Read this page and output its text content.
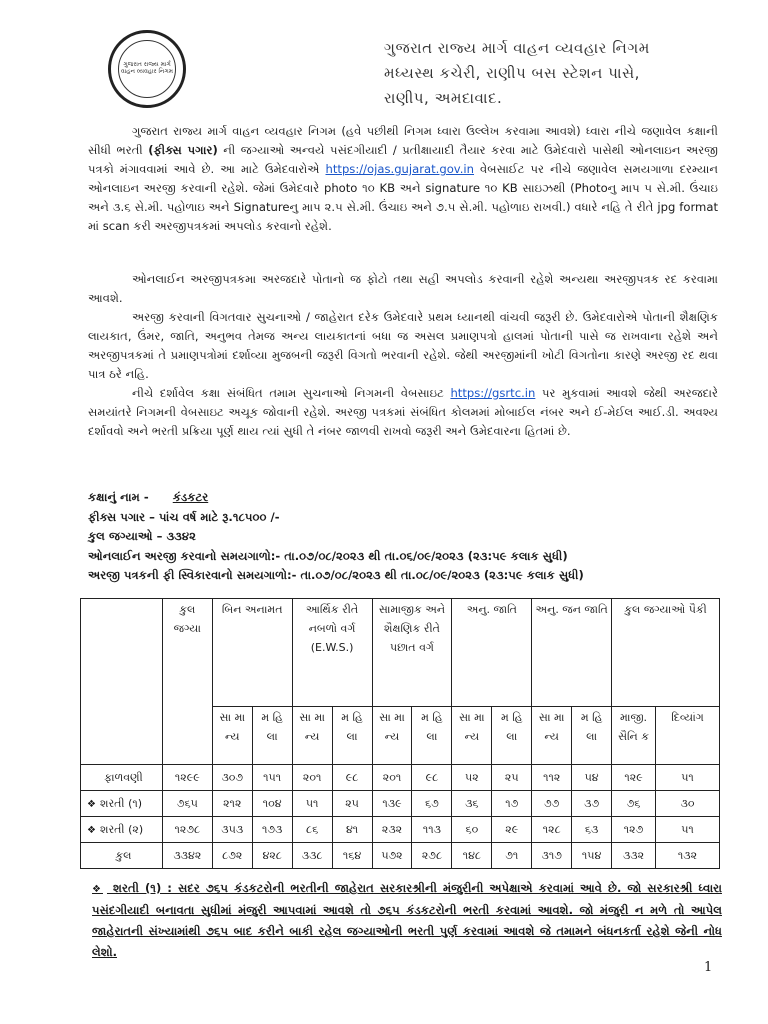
ગુજરાત રાજ્ય માર્ગ વાહન વ્યવહાર નિગમ
ગુજરાત રાજ્ય માર્ગ વાહન વ્યવહાર નિગમ
મધ્યસ્થ કચેરી, રાણીપ બસ સ્ટેશન પાસે,
રાણીપ, અમદાવાદ.
ગુજરાત રાજ્ય માર્ગ વાહન વ્યવહાર નિગમ (હવે પછીથી નિગમ ધ્વારા ઉલ્લેખ કરવામા આવશે) ધ્વારા નીચે જણાવેલ કક્ષાની સીધી ભરતી (ફીક્સ પગાર) ની જગ્યાઓ અન્વયે પસંદગીયાદી / પ્રતીક્ષાયાદી તૈયાર કરવા માટે ઉમેદવારો પાસેથી ઓનલાઇન અરજી પત્રકો મંગાવવામાં આવે છે. આ માટે ઉમેદવારોએ https://ojas.gujarat.gov.in વેબસાઈટ પર નીચે જણાવેલ સમયગાળા દરમ્યાન ઓનલાઇન અરજી કરવાની રહેશે. જેમાં ઉમેદવારે photo ૧૦ KB અને signature ૧૦ KB સાઇઝથી (Photoનુ માપ ૫ સે.મી. ઉંચાઇ અને ૩.૬ સે.મી. પહોળાઇ અને Signatureનુ માપ ૨.૫ સે.મી. ઉંચાઇ અને ૭.૫ સે.મી. પહોળાઇ રાખવી.) વધારે નહિ તે રીતે jpg format માં scan કરી અરજીપત્રકમાં અપલોડ કરવાનો રહેશે.
ઓનલાઈન અરજીપત્રકમા અરજદારે પોતાનો જ ફોટો તથા સહી અપલોડ કરવાની રહેશે અન્યથા અરજીપત્રક રદ કરવામા આવશે.
અરજી કરવાની વિગતવાર સુચનાઓ / જાહેરાત દરેક ઉમેદવારે પ્રથમ ધ્યાનથી વાંચવી જરૂરી છે. ઉમેદવારોએ પોતાની શૈક્ષણિક લાયકાત, ઉંમર, જાતિ, અનુભવ તેમજ અન્ય લાયકાતનાં બધા જ અસલ પ્રમાણપત્રો હાલમાં પોતાની પાસે જ રાખવાના રહેશે અને અરજીપત્રકમાં તે પ્રમાણપત્રોમાં દર્શાવ્યા મુજબની જરૂરી વિગતો ભરવાની રહેશે. જેથી અરજીમાંની ખોટી વિગતોના કારણે અરજી રદ થવા પાત્ર ઠરે નહિ.
નીચે દર્શાવેલ કક્ષા સંબંધિત તમામ સુચનાઓ નિગમની વેબસાઇટ https://gsrtc.in પર મુકવામાં આવશે જેથી અરજદારે સમયાંતરે નિગમની વેબસાઇટ અચૂક જોવાની રહેશે. અરજી પત્રકમાં સંબંધિત કોલમમાં મોબાઈલ નંબર અને ઈ-મેઈલ આઈ.ડી. અવશ્ય દર્શાવવો અને ભરતી પ્રક્રિયા પૂર્ણ થાય ત્યાં સુધી તે નંબર જાળવી રાખવો જરૂરી અને ઉમેદવારના હિતમાં છે.
કક્ષાનું નામ - કંડકટર
ફીક્સ પગાર – પાંચ વર્ષ માટે રૂ.૧૮૫૦૦ /-
કુલ જગ્યાઓ – ૩૩૪૨
ઓનલાઈન અરજી કરવાનો સમયગાળો:- તા.૦૭/૦૮/૨૦૨૩ થી તા.૦૬/૦૯/૨૦૨૩ (૨૩:૫૯ કલાક સુધી)
અરજી પત્રકની ફી સ્વિકારવાનો સમયગાળો:- તા.૦૭/૦૮/૨૦૨૩ થી તા.૦૮/૦૯/૨૦૨૩ (૨૩:૫૯ કલાક સુધી)
	કુલ જગ્યા	બિન અનામત		આર્થિક રીતે નબળો વર્ગ (E.W.S.)		સામાજીક અને શૈક્ષણિક રીતે પછાત વર્ગ		અનુ. જાતિ		અનુ. જન જાતિ		કુલ જગ્યાઓ પૈકી	
		સા મા ન્ય	મ હિ લા	સા મા ન્ય	મ હિ લા	સા મા ન્ય	મ હિ લા	સા મા ન્ય	મ હિ લા	સા મા ન્ય	મ હિ લા	માજી. સૈનિ ક	દિવ્યાંગ
ફાળવણી	૧૨૯૯	૩૦૭	૧૫૧	૨૦૧	૯૮	૨૦૧	૯૮	૫૨	૨૫	૧૧૨	૫૪	૧૨૯	૫૧
❖ શરતી (૧)	૭૬૫	૨૧૨	૧૦૪	૫૧	૨૫	૧૩૯	૬૭	૩૬	૧૭	૭૭	૩૭	૭૬	૩૦
❖ શરતી (૨)	૧૨૭૮	૩૫૩	૧૭૩	૮૬	૪૧	૨૩૨	૧૧૩	૬૦	૨૯	૧૨૮	૬૩	૧૨૭	૫૧
કુલ	૩૩૪૨	૮૭૨	૪૨૮	૩૩૮	૧૬૪	૫૭૨	૨૭૮	૧૪૮	૭૧	૩૧૭	૧૫૪	૩૩૨	૧૩૨
❖ શરતી (૧) : સદર ૭૬૫ કંડકટરોની ભરતીની જાહેરાત સરકારશ્રીની મંજુરીની અપેક્ષાએ કરવામાં આવે છે. જો સરકારશ્રી ધ્વારા પસંદગીયાદી બનાવતા સુધીમાં મંજુરી આપવામાં આવશે તો ૭૬૫ કંડકટરોની ભરતી કરવામાં આવશે. જો મંજુરી ન મળે તો આપેલ જાહેરાતની સંખ્યામાંથી ૭૬૫ બાદ કરીને બાકી રહેલ જગ્યાઓની ભરતી પુર્ણ કરવામાં આવશે જે તમામને બંધનકર્તા રહેશે જેની નોધ લેશો.
1
